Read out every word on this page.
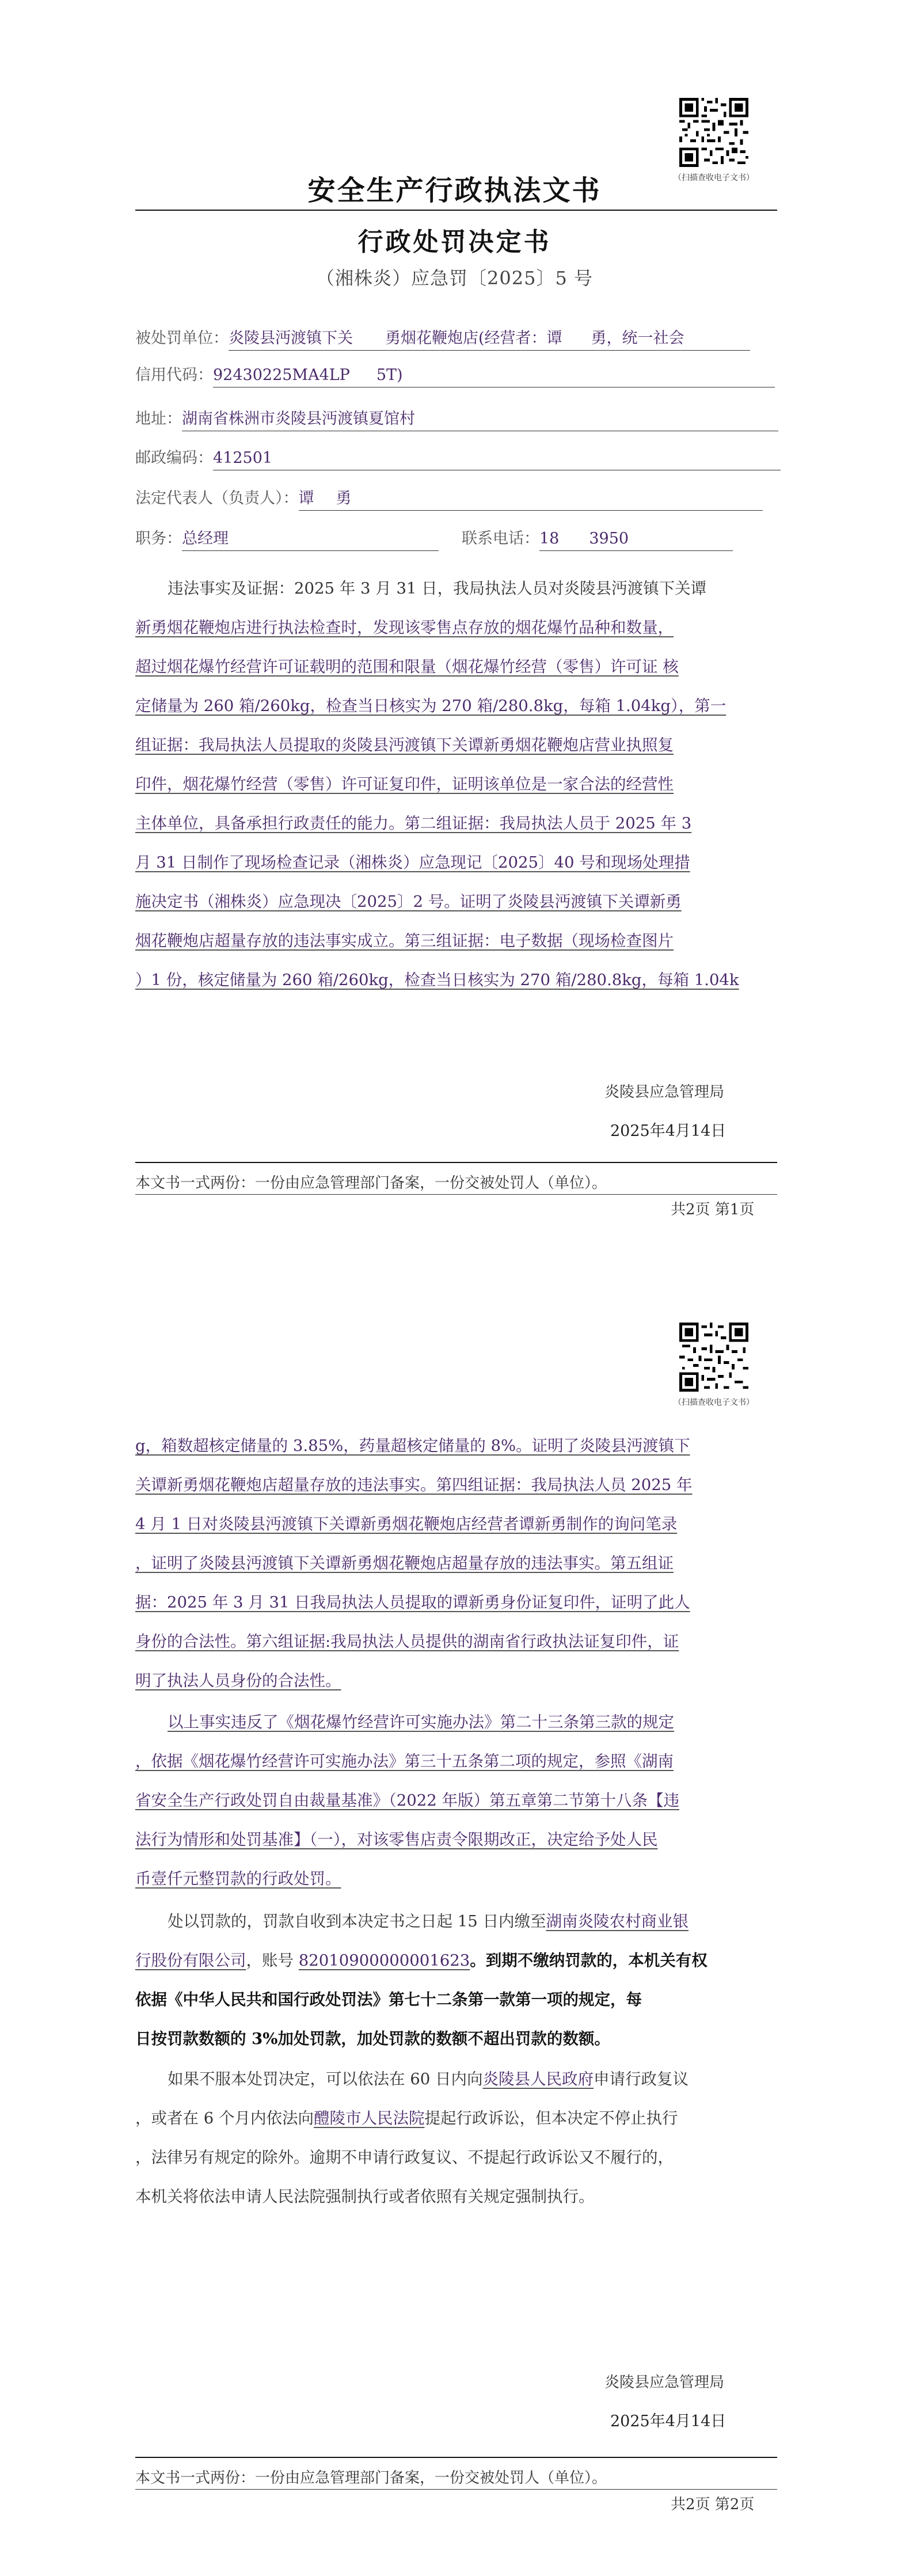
（扫描查收电子文书）
安全生产行政执法文书
行政处罚决定书
（湘株炎）应急罚〔2025〕5 号
被处罚单位：炎陵县沔渡镇下关 勇烟花鞭炮店(经营者：谭 勇，统一社会
信用代码：92430225MA4LP 5T)
地址：湖南省株洲市炎陵县沔渡镇夏馆村
邮政编码：412501
法定代表人（负责人）：谭 勇
职务：总经理	联系电话：18 3950

违法事实及证据：2025 年 3 月 31 日，我局执法人员对炎陵县沔渡镇下关谭

新勇烟花鞭炮店进行执法检查时，发现该零售点存放的烟花爆竹品种和数量，
超过烟花爆竹经营许可证载明的范围和限量（烟花爆竹经营（零售）许可证 核
定储量为 260 箱/260kg，检查当日核实为 270 箱/280.8kg，每箱 1.04kg），第一
组证据：我局执法人员提取的炎陵县沔渡镇下关谭新勇烟花鞭炮店营业执照复
印件，烟花爆竹经营（零售）许可证复印件，证明该单位是一家合法的经营性
主体单位，具备承担行政责任的能力。第二组证据：我局执法人员于 2025 年 3
月 31 日制作了现场检查记录（湘株炎）应急现记〔2025〕40 号和现场处理措
施决定书（湘株炎）应急现决〔2025〕2 号。证明了炎陵县沔渡镇下关谭新勇
烟花鞭炮店超量存放的违法事实成立。第三组证据：电子数据（现场检查图片
）1 份，核定储量为 260 箱/260kg，检查当日核实为 270 箱/280.8kg，每箱 1.04k
炎陵县应急管理局
2025年4月14日
本文书一式两份：一份由应急管理部门备案，一份交被处罚人（单位）。
共2页 第1页
（扫描查收电子文书）
g，箱数超核定储量的 3.85%，药量超核定储量的 8%。证明了炎陵县沔渡镇下
关谭新勇烟花鞭炮店超量存放的违法事实。第四组证据：我局执法人员 2025 年
4 月 1 日对炎陵县沔渡镇下关谭新勇烟花鞭炮店经营者谭新勇制作的询问笔录
，证明了炎陵县沔渡镇下关谭新勇烟花鞭炮店超量存放的违法事实。第五组证
据：2025 年 3 月 31 日我局执法人员提取的谭新勇身份证复印件，证明了此人
身份的合法性。第六组证据:我局执法人员提供的湖南省行政执法证复印件，证
明了执法人员身份的合法性。

以上事实违反了《烟花爆竹经营许可实施办法》第二十三条第三款的规定

，依据《烟花爆竹经营许可实施办法》第三十五条第二项的规定，参照《湖南
省安全生产行政处罚自由裁量基准》（2022 年版）第五章第二节第十八条【违
法行为情形和处罚基准】（一），对该零售店责令限期改正，决定给予处人民
币壹仟元整罚款的行政处罚。

处以罚款的，罚款自收到本决定书之日起 15 日内缴至湖南炎陵农村商业银

行股份有限公司，账号 82010900000001623。到期不缴纳罚款的，本机关有权
依据《中华人民共和国行政处罚法》第七十二条第一款第一项的规定，每
日按罚款数额的 3%加处罚款，加处罚款的数额不超出罚款的数额。

如果不服本处罚决定，可以依法在 60 日内向炎陵县人民政府申请行政复议

，或者在 6 个月内依法向醴陵市人民法院提起行政诉讼，但本决定不停止执行
，法律另有规定的除外。逾期不申请行政复议、不提起行政诉讼又不履行的，
本机关将依法申请人民法院强制执行或者依照有关规定强制执行。
炎陵县应急管理局
2025年4月14日
本文书一式两份：一份由应急管理部门备案，一份交被处罚人（单位）。
共2页 第2页
